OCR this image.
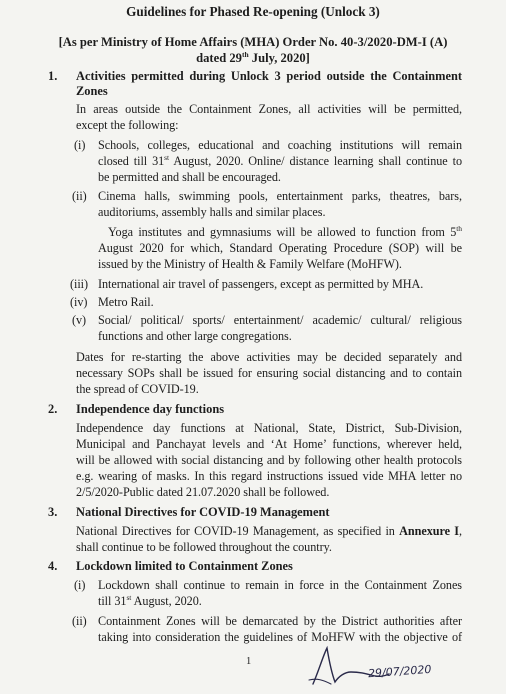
Guidelines for Phased Re-opening (Unlock 3)
[As per Ministry of Home Affairs (MHA) Order No. 40-3/2020-DM-I (A)
dated 29th July, 2020]
1. Activities permitted during Unlock 3 period outside the Containment
Zones
In areas outside the Containment Zones, all activities will be permitted,
except the following:
(i) Schools, colleges, educational and coaching institutions will remain
closed till 31st August, 2020. Online/ distance learning shall continue to
be permitted and shall be encouraged.
(ii) Cinema halls, swimming pools, entertainment parks, theatres, bars,
auditoriums, assembly halls and similar places.
Yoga institutes and gymnasiums will be allowed to function from 5th
August 2020 for which, Standard Operating Procedure (SOP) will be
issued by the Ministry of Health & Family Welfare (MoHFW).
(iii) International air travel of passengers, except as permitted by MHA.
(iv) Metro Rail.
(v) Social/ political/ sports/ entertainment/ academic/ cultural/ religious
functions and other large congregations.
Dates for re-starting the above activities may be decided separately and
necessary SOPs shall be issued for ensuring social distancing and to contain
the spread of COVID-19.
2. Independence day functions
Independence day functions at National, State, District, Sub-Division,
Municipal and Panchayat levels and ‘At Home’ functions, wherever held,
will be allowed with social distancing and by following other health protocols
e.g. wearing of masks. In this regard instructions issued vide MHA letter no
2/5/2020-Public dated 21.07.2020 shall be followed.
3. National Directives for COVID-19 Management
National Directives for COVID-19 Management, as specified in Annexure I,
shall continue to be followed throughout the country.
4. Lockdown limited to Containment Zones
(i) Lockdown shall continue to remain in force in the Containment Zones
till 31st August, 2020.
(ii) Containment Zones will be demarcated by the District authorities after
taking into consideration the guidelines of MoHFW with the objective of
1
29/07/2020
